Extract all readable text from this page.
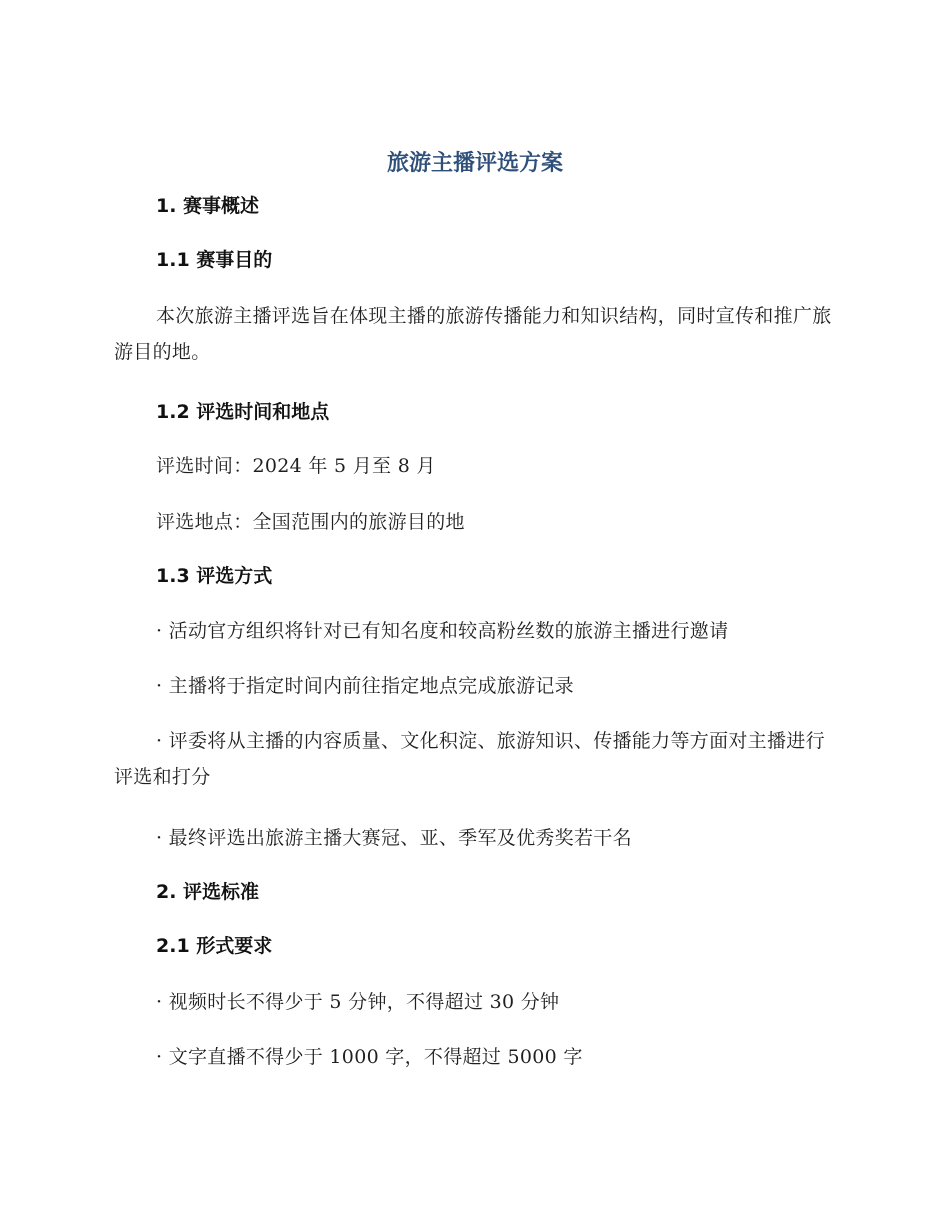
旅游主播评选方案

1. 赛事概述

1.1 赛事目的

本次旅游主播评选旨在体现主播的旅游传播能力和知识结构，同时宣传和推广旅游目的地。

1.2 评选时间和地点

评选时间：2024 年 5 月至 8 月

评选地点：全国范围内的旅游目的地

1.3 评选方式

· 活动官方组织将针对已有知名度和较高粉丝数的旅游主播进行邀请

· 主播将于指定时间内前往指定地点完成旅游记录

· 评委将从主播的内容质量、文化积淀、旅游知识、传播能力等方面对主播进行评选和打分

· 最终评选出旅游主播大赛冠、亚、季军及优秀奖若干名

2. 评选标准

2.1 形式要求

· 视频时长不得少于 5 分钟，不得超过 30 分钟

· 文字直播不得少于 1000 字，不得超过 5000 字
